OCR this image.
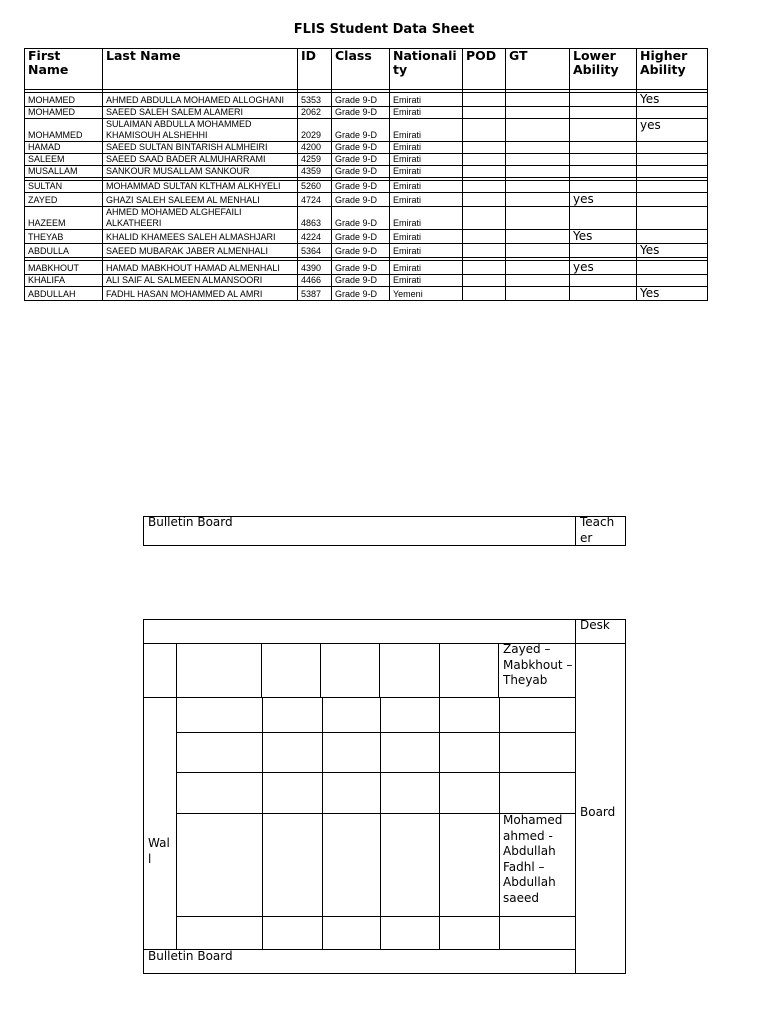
FLIS Student Data Sheet
First Name	Last Name	ID	Class	Nationali ty	POD	GT	Lower Ability	Higher Ability

MOHAMED	AHMED ABDULLA MOHAMED ALLOGHANI	5353	Grade 9-D	Emirati				Yes
MOHAMED	SAEED SALEH SALEM ALAMERI	2062	Grade 9-D	Emirati				
MOHAMMED	SULAIMAN ABDULLA MOHAMMED KHAMISOUH ALSHEHHI	2029	Grade 9-D	Emirati				yes
HAMAD	SAEED SULTAN BINTARISH ALMHEIRI	4200	Grade 9-D	Emirati				
SALEEM	SAEED SAAD BADER ALMUHARRAMI	4259	Grade 9-D	Emirati				
MUSALLAM	SANKOUR MUSALLAM SANKOUR	4359	Grade 9-D	Emirati				

SULTAN	MOHAMMAD SULTAN KLTHAM ALKHYELI	5260	Grade 9-D	Emirati				
ZAYED	GHAZI SALEH SALEEM AL MENHALI	4724	Grade 9-D	Emirati			yes	
HAZEEM	AHMED MOHAMED ALGHEFAILI ALKATHEERI	4863	Grade 9-D	Emirati				
THEYAB	KHALID KHAMEES SALEH ALMASHJARI	4224	Grade 9-D	Emirati			Yes	
ABDULLA	SAEED MUBARAK JABER ALMENHALI	5364	Grade 9-D	Emirati				Yes

MABKHOUT	HAMAD MABKHOUT HAMAD ALMENHALI	4390	Grade 9-D	Emirati			yes	
KHALIFA	ALI SAIF AL SALMEEN ALMANSOORI	4466	Grade 9-D	Emirati				
ABDULLAH	FADHL HASAN MOHAMMED AL AMRI	5387	Grade 9-D	Yemeni				Yes
Bulletin Board	Teach er
Desk
Board
Wal l
Zayed – Mabkhout – Theyab
Mohamed ahmed - Abdullah Fadhl – Abdullah saeed
Bulletin Board
